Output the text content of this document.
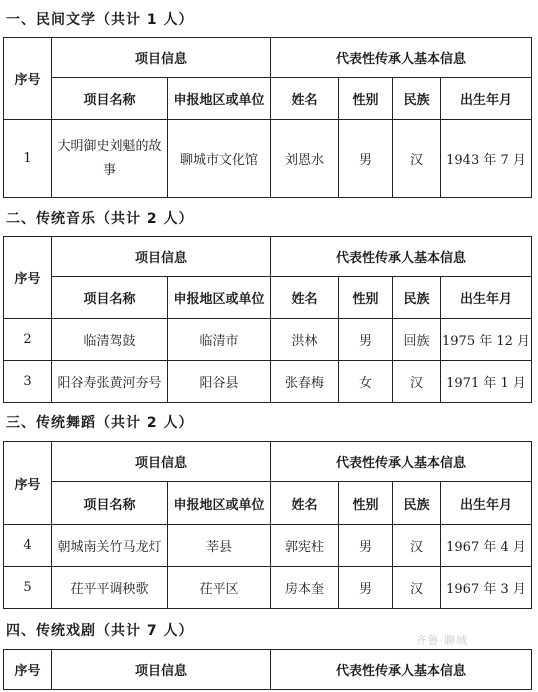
一、民间文学（共计 1 人）
序号	项目信息		代表性传承人基本信息			
	项目名称	申报地区或单位	姓名	性别	民族	出生年月
1	大明御史刘魁的故事	聊城市文化馆	刘恩水	男	汉	1943 年 7 月
二、传统音乐（共计 2 人）
序号	项目信息		代表性传承人基本信息			
	项目名称	申报地区或单位	姓名	性别	民族	出生年月
2	临清驾鼓	临清市	洪林	男	回族	1975 年 12 月
3	阳谷寿张黄河夯号	阳谷县	张春梅	女	汉	1971 年 1 月
三、传统舞蹈（共计 2 人）
序号	项目信息		代表性传承人基本信息			
	项目名称	申报地区或单位	姓名	性别	民族	出生年月
4	朝城南关竹马龙灯	莘县	郭宪柱	男	汉	1967 年 4 月
5	茌平平调秧歌	茌平区	房本奎	男	汉	1967 年 3 月
四、传统戏剧（共计 7 人）
序号	项目信息	代表性传承人基本信息
齐鲁·聊城
